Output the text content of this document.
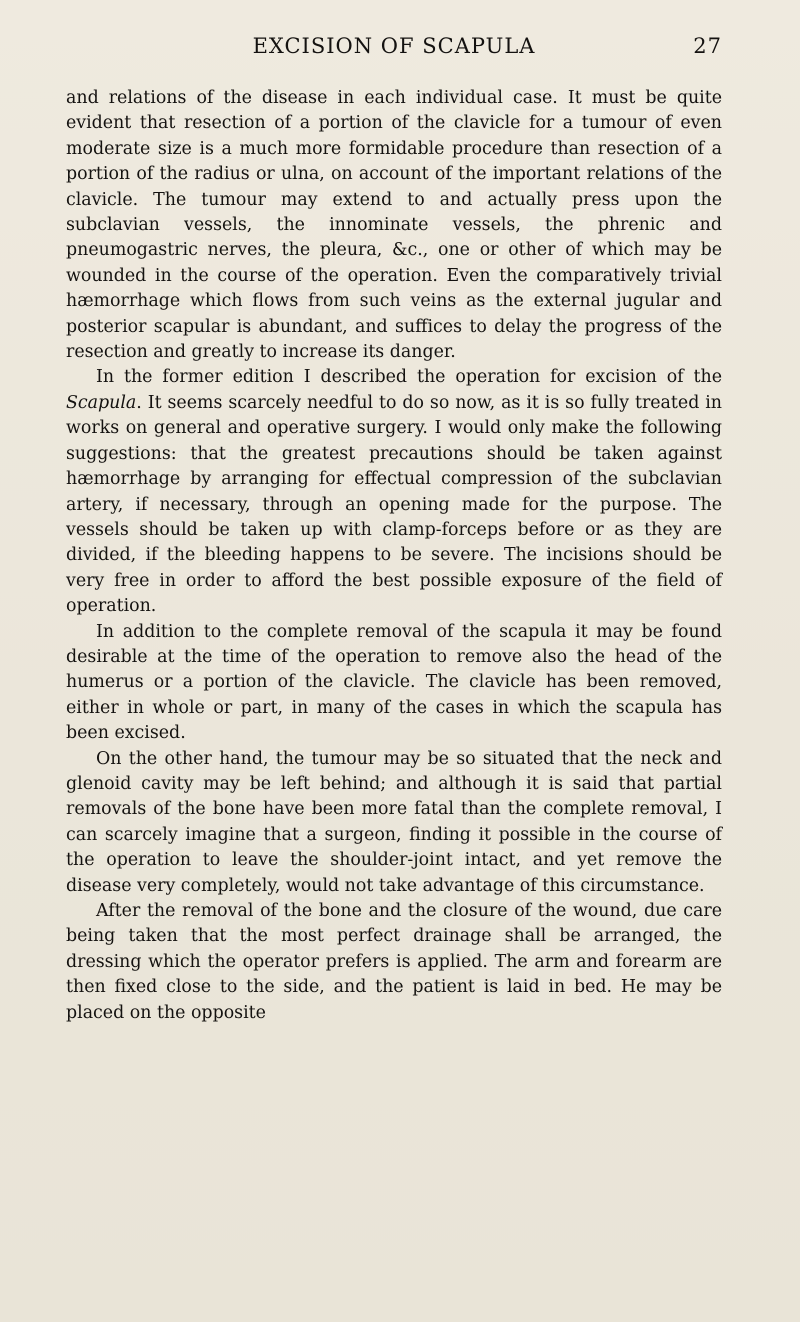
EXCISION OF SCAPULA	27

and relations of the disease in each individual case. It must be quite evident that resection of a portion of the clavicle for a tumour of even moderate size is a much more formidable procedure than resection of a portion of the radius or ulna, on account of the important relations of the clavicle. The tumour may extend to and actually press upon the subclavian vessels, the innominate vessels, the phrenic and pneumogastric nerves, the pleura, &c., one or other of which may be wounded in the course of the operation. Even the comparatively trivial hæmorrhage which flows from such veins as the external jugular and posterior scapular is abundant, and suffices to delay the progress of the resection and greatly to increase its danger.

In the former edition I described the operation for excision of the Scapula. It seems scarcely needful to do so now, as it is so fully treated in works on general and operative surgery. I would only make the following suggestions: that the greatest precautions should be taken against hæmorrhage by arranging for effectual compression of the subclavian artery, if necessary, through an opening made for the purpose. The vessels should be taken up with clamp-forceps before or as they are divided, if the bleeding happens to be severe. The incisions should be very free in order to afford the best possible exposure of the field of operation.

In addition to the complete removal of the scapula it may be found desirable at the time of the operation to remove also the head of the humerus or a portion of the clavicle. The clavicle has been removed, either in whole or part, in many of the cases in which the scapula has been excised.

On the other hand, the tumour may be so situated that the neck and glenoid cavity may be left behind; and although it is said that partial removals of the bone have been more fatal than the complete removal, I can scarcely imagine that a surgeon, finding it possible in the course of the operation to leave the shoulder-joint intact, and yet remove the disease very completely, would not take advantage of this circumstance.

After the removal of the bone and the closure of the wound, due care being taken that the most perfect drainage shall be arranged, the dressing which the operator prefers is applied. The arm and forearm are then fixed close to the side, and the patient is laid in bed. He may be placed on the opposite
